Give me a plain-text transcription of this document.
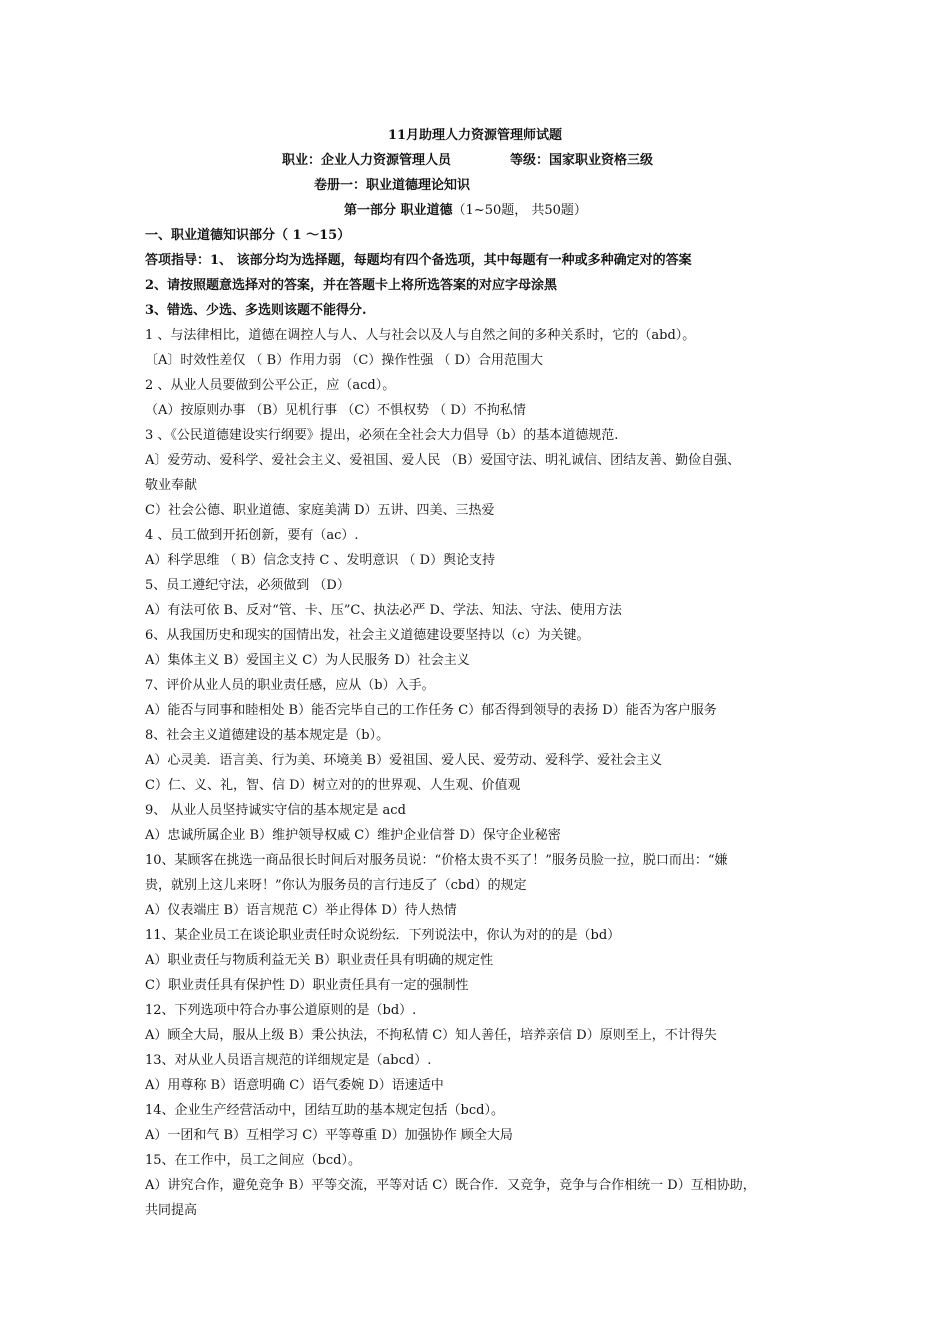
11月助理人力资源管理师试题
职业：企业人力资源管理人员	等级：国家职业资格三级
卷册一：职业道德理论知识
第一部分 职业道德（1~50题， 共50题）
一、职业道德知识部分（ 1 ～15）
答项指导：1、 该部分均为选择题，每题均有四个备选项，其中每题有一种或多种确定对的答案
2、请按照题意选择对的答案，并在答题卡上将所选答案的对应字母涂黑
3、错选、少选、多选则该题不能得分.
1 、与法律相比，道德在调控人与人、人与社会以及人与自然之间的多种关系时，它的（abd）。
〔A〕时效性差仅 （ B）作用力弱 （C）操作性强 （ D）合用范围大
2 、从业人员要做到公平公正，应（acd）。
（A）按原则办事 （B）见机行事 （C）不惧权势 （ D）不拘私情
3 、《公民道德建设实行纲要》提出，必须在全社会大力倡导（b）的基本道德规范.
A〕爱劳动、爱科学、爱社会主义、爱祖国、爱人民 （B）爱国守法、明礼诚信、团结友善、勤俭自强、
敬业奉献
C）社会公德、职业道德、家庭美满 D）五讲、四美、三热爱
4 、员工做到开拓创新，要有（ac）.
A）科学思维 （ B）信念支持 C 、发明意识 （ D）舆论支持
5、员工遵纪守法，必须做到 （D）
A）有法可依 B、反对“管、卡、压”C、执法必严 D、学法、知法、守法、使用方法
6、从我国历史和现实的国情出发，社会主义道德建设要坚持以（c）为关键。
A）集体主义 B）爱国主义 C）为人民服务 D）社会主义
7、评价从业人员的职业责任感，应从（b）入手。
A）能否与同事和睦相处 B）能否完毕自己的工作任务 C）郁否得到领导的表扬 D）能否为客户服务
8、社会主义道德建设的基本规定是（b）。
A）心灵美．语言美、行为美、环境美 B）爱祖国、爱人民、爱劳动、爱科学、爱社会主义
C）仁、义、礼，智、信 D）树立对的的世界观、人生观、价值观
9、 从业人员坚持诚实守信的基本规定是 acd
A）忠诚所属企业 B）维护领导权威 C）维护企业信誉 D）保守企业秘密
10、某顾客在挑选一商品很长时间后对服务员说：“价格太贵不买了！”服务员脸一拉，脱口而出：“嫌
贵，就别上这儿来呀！”你认为服务员的言行违反了（cbd）的规定
A）仪表端庄 B）语言规范 C）举止得体 D）待人热情
11、某企业员工在谈论职业责任时众说纷纭．下列说法中，你认为对的的是（bd）
A）职业责任与物质利益无关 B）职业责任具有明确的规定性
C）职业责任具有保护性 D）职业责任具有一定的强制性
12、下列选项中符合办事公道原则的是（bd）.
A）顾全大局，服从上级 B）秉公执法，不拘私情 C）知人善任，培养亲信 D）原则至上，不计得失
13、对从业人员语言规范的详细规定是（abcd）.
A）用尊称 B）语意明确 C）语气委婉 D）语速适中
14、企业生产经营活动中，团结互助的基本规定包括（bcd）。
A）一团和气 B）互相学习 C）平等尊重 D）加强协作 顾全大局
15、在工作中，员工之间应（bcd）。
A）讲究合作，避免竞争 B）平等交流，平等对话 C）既合作．又竞争，竞争与合作相统一 D）互相协助，
共同提高
